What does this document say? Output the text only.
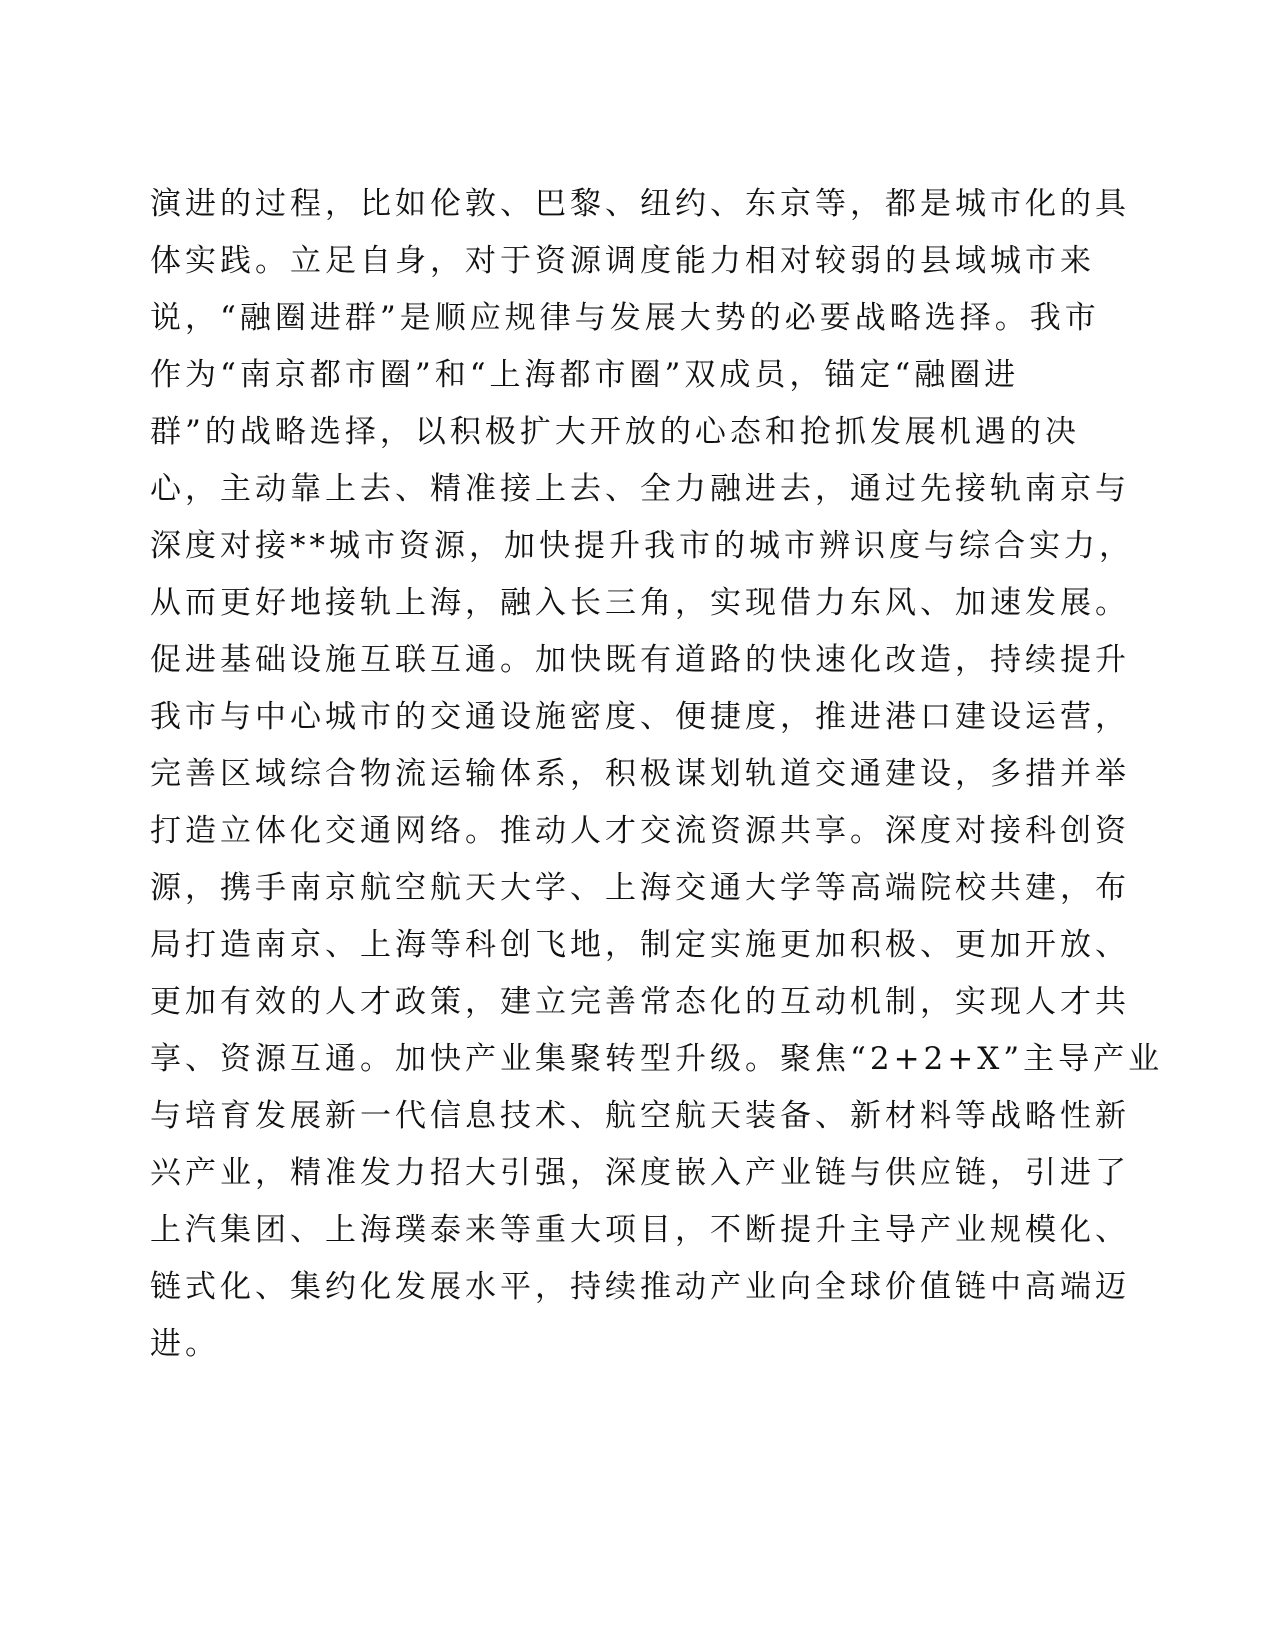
演进的过程，比如伦敦、巴黎、纽约、东京等，都是城市化的具
体实践。立足自身，对于资源调度能力相对较弱的县域城市来
说，“融圈进群”是顺应规律与发展大势的必要战略选择。我市
作为“南京都市圈”和“上海都市圈”双成员，锚定“融圈进
群”的战略选择，以积极扩大开放的心态和抢抓发展机遇的决
心，主动靠上去、精准接上去、全力融进去，通过先接轨南京与
深度对接**城市资源，加快提升我市的城市辨识度与综合实力，
从而更好地接轨上海，融入长三角，实现借力东风、加速发展。
促进基础设施互联互通。加快既有道路的快速化改造，持续提升
我市与中心城市的交通设施密度、便捷度，推进港口建设运营，
完善区域综合物流运输体系，积极谋划轨道交通建设，多措并举
打造立体化交通网络。推动人才交流资源共享。深度对接科创资
源，携手南京航空航天大学、上海交通大学等高端院校共建，布
局打造南京、上海等科创飞地，制定实施更加积极、更加开放、
更加有效的人才政策，建立完善常态化的互动机制，实现人才共
享、资源互通。加快产业集聚转型升级。聚焦“2+2+X”主导产业
与培育发展新一代信息技术、航空航天装备、新材料等战略性新
兴产业，精准发力招大引强，深度嵌入产业链与供应链，引进了
上汽集团、上海璞泰来等重大项目，不断提升主导产业规模化、
链式化、集约化发展水平，持续推动产业向全球价值链中高端迈
进。
